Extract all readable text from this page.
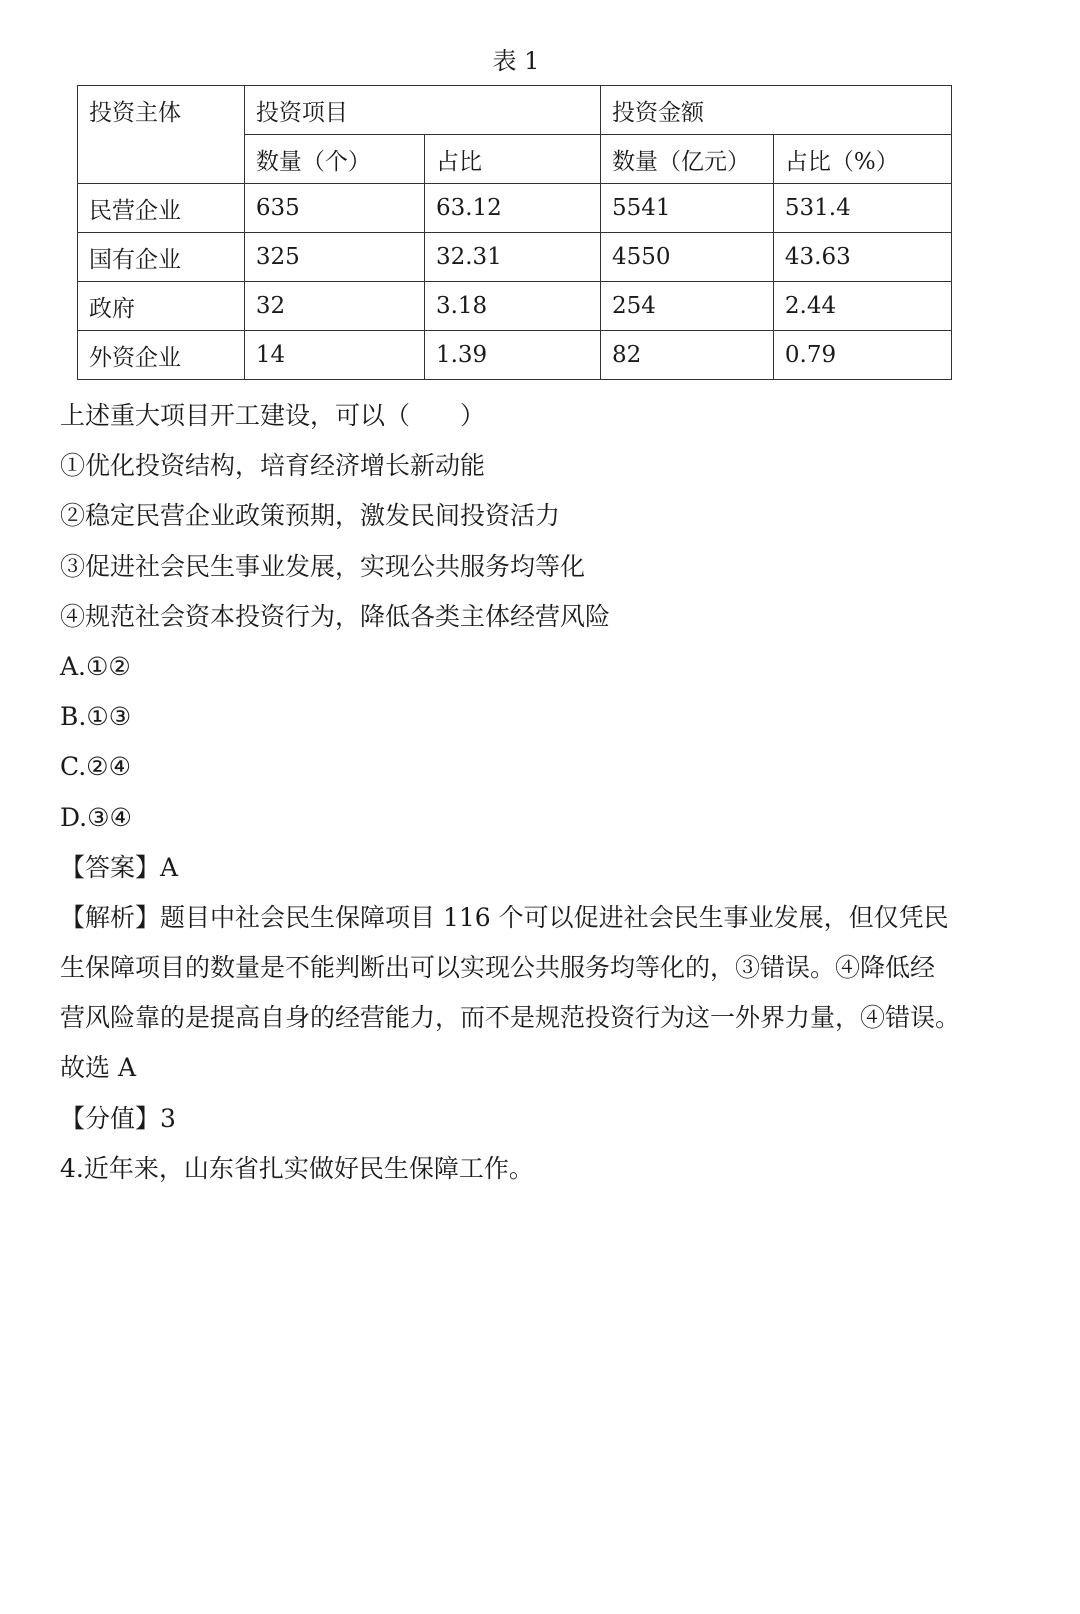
表 1
投资主体	投资项目		投资金额	
	数量（个）	占比	数量（亿元）	占比（%）
民营企业	635	63.12	5541	531.4
国有企业	325	32.31	4550	43.63
政府	32	3.18	254	2.44
外资企业	14	1.39	82	0.79
上述重大项目开工建设，可以（　　）
①优化投资结构，培育经济增长新动能
②稳定民营企业政策预期，激发民间投资活力
③促进社会民生事业发展，实现公共服务均等化
④规范社会资本投资行为，降低各类主体经营风险
A.①②
B.①③
C.②④
D.③④
【答案】A
【解析】题目中社会民生保障项目 116 个可以促进社会民生事业发展，但仅凭民
生保障项目的数量是不能判断出可以实现公共服务均等化的，③错误。④降低经
营风险靠的是提高自身的经营能力，而不是规范投资行为这一外界力量，④错误。
故选 A
【分值】3
4.近年来，山东省扎实做好民生保障工作。
